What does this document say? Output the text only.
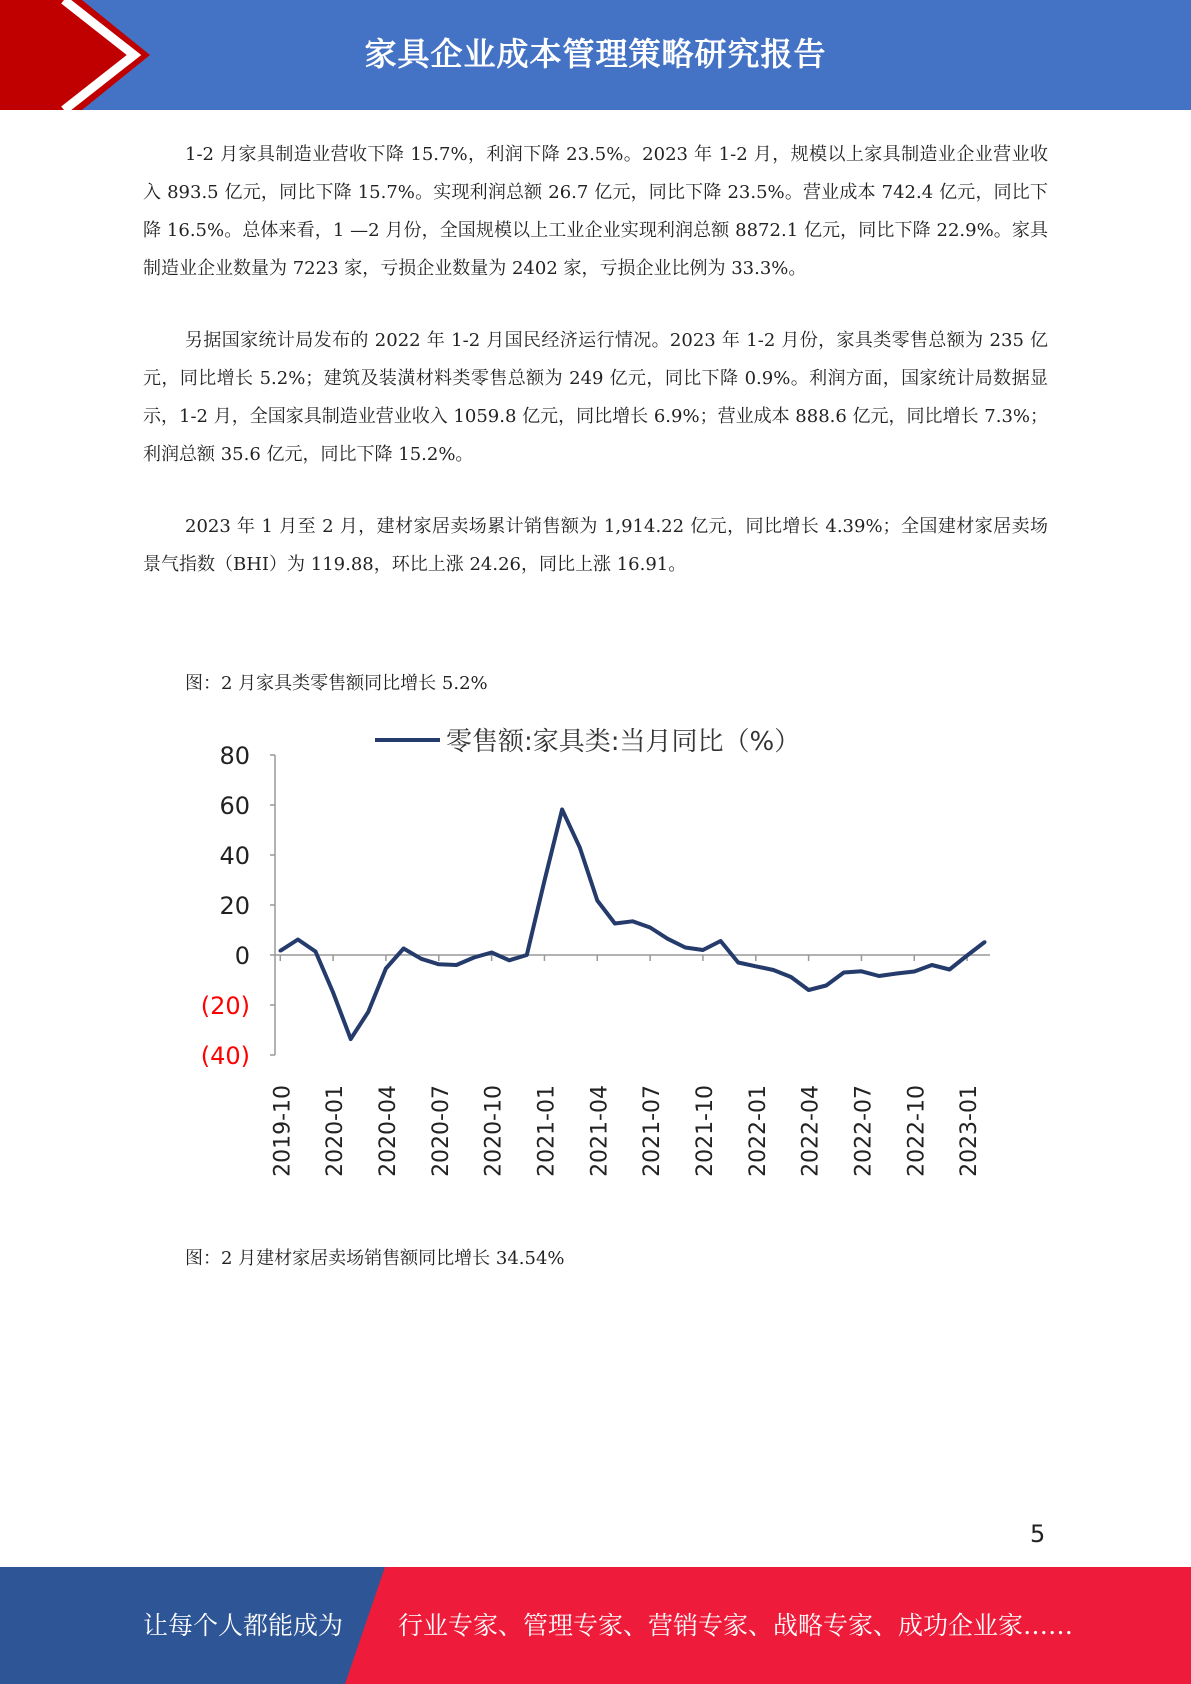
家具企业成本管理策略研究报告

1-2 月家具制造业营收下降 15.7%，利润下降 23.5%。2023 年 1-2 月，规模以上家具制造业企业营业收入 893.5 亿元，同比下降 15.7%。实现利润总额 26.7 亿元，同比下降 23.5%。营业成本 742.4 亿元，同比下降 16.5%。总体来看，1 —2 月份，全国规模以上工业企业实现利润总额 8872.1 亿元，同比下降 22.9%。家具制造业企业数量为 7223 家，亏损企业数量为 2402 家，亏损企业比例为 33.3%。

另据国家统计局发布的 2022 年 1-2 月国民经济运行情况。2023 年 1-2 月份，家具类零售总额为 235 亿元，同比增长 5.2%；建筑及装潢材料类零售总额为 249 亿元，同比下降 0.9%。利润方面，国家统计局数据显示，1-2 月，全国家具制造业营业收入 1059.8 亿元，同比增长 6.9%；营业成本 888.6 亿元，同比增长 7.3%；利润总额 35.6 亿元，同比下降 15.2%。

2023 年 1 月至 2 月，建材家居卖场累计销售额为 1,914.22 亿元，同比增长 4.39%；全国建材家居卖场景气指数（BHI）为 119.88，环比上涨 24.26，同比上涨 16.91。

图：2 月家具类零售额同比增长 5.2%
零售额:家具类:当月同比（%）
80
60
40
20
0
(20)
(40)
2019-10 2020-01 2020-04 2020-07 2020-10 2021-01 2021-04 2021-07 2021-10 2022-01 2022-04 2022-07 2022-10 2023-01
图：2 月建材家居卖场销售额同比增长 34.54%
5
让每个人都能成为 行业专家、管理专家、营销专家、战略专家、成功企业家……
